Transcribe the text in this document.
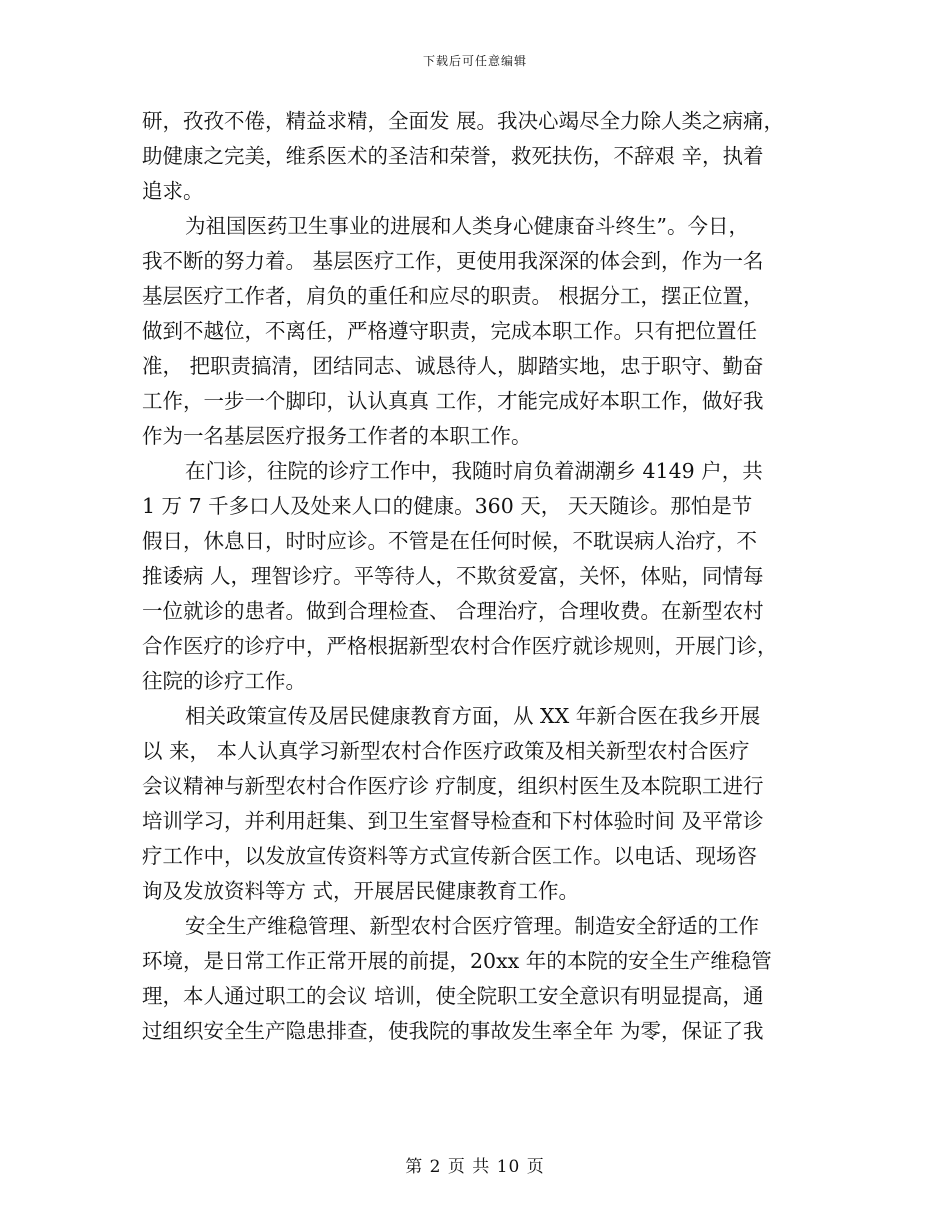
下载后可任意编辑
研，孜孜不倦，精益求精，全面发 展。我决心竭尽全力除人类之病痛，
助健康之完美，维系医术的圣洁和荣誉，救死扶伤，不辞艰 辛，执着
追求。
为祖国医药卫生事业的进展和人类身心健康奋斗终生”。今日，
我不断的努力着。 基层医疗工作，更使用我深深的体会到，作为一名
基层医疗工作者，肩负的重任和应尽的职责。 根据分工，摆正位置，
做到不越位，不离任，严格遵守职责，完成本职工作。只有把位置任
准， 把职责搞清，团结同志、诚恳待人，脚踏实地，忠于职守、勤奋
工作，一步一个脚印，认认真真 工作，才能完成好本职工作，做好我
作为一名基层医疗报务工作者的本职工作。
在门诊，往院的诊疗工作中，我随时肩负着湖潮乡 4149 户，共
1 万 7 千多口人及处来人口的健康。360 天， 天天随诊。那怕是节
假日，休息日，时时应诊。不管是在任何时候，不耽误病人治疗，不
推诿病 人，理智诊疗。平等待人，不欺贫爱富，关怀，体贴，同情每
一位就诊的患者。做到合理检查、 合理治疗，合理收费。在新型农村
合作医疗的诊疗中，严格根据新型农村合作医疗就诊规则，开展门诊，
往院的诊疗工作。
相关政策宣传及居民健康教育方面，从 XX 年新合医在我乡开展
以 来， 本人认真学习新型农村合作医疗政策及相关新型农村合医疗
会议精神与新型农村合作医疗诊 疗制度，组织村医生及本院职工进行
培训学习，并利用赶集、到卫生室督导检查和下村体验时间 及平常诊
疗工作中，以发放宣传资料等方式宣传新合医工作。以电话、现场咨
询及发放资料等方 式，开展居民健康教育工作。
安全生产维稳管理、新型农村合医疗管理。制造安全舒适的工作
环境，是日常工作正常开展的前提，20xx 年的本院的安全生产维稳管
理，本人通过职工的会议 培训，使全院职工安全意识有明显提高，通
过组织安全生产隐患排查，使我院的事故发生率全年 为零，保证了我
第 2 页 共 10 页
